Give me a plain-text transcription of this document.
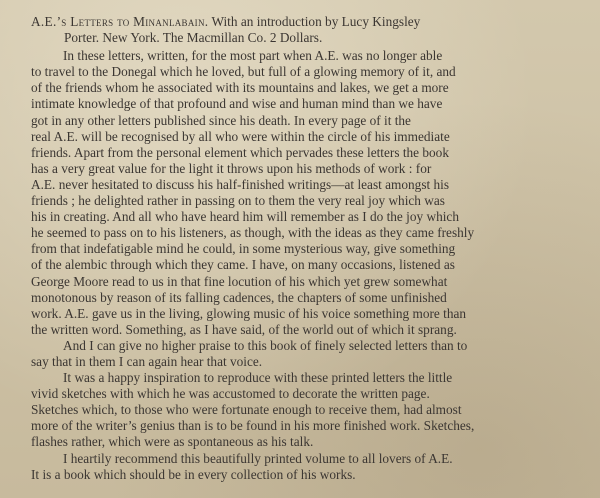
A.E.’s Letters to Minanlabain. With an introduction by Lucy Kingsley
Porter. New York. The Macmillan Co. 2 Dollars.
In these letters, written, for the most part when A.E. was no longer able
to travel to the Donegal which he loved, but full of a glowing memory of it, and
of the friends whom he associated with its mountains and lakes, we get a more
intimate knowledge of that profound and wise and human mind than we have
got in any other letters published since his death. In every page of it the
real A.E. will be recognised by all who were within the circle of his immediate
friends. Apart from the personal element which pervades these letters the book
has a very great value for the light it throws upon his methods of work : for
A.E. never hesitated to discuss his half-finished writings—at least amongst his
friends ; he delighted rather in passing on to them the very real joy which was
his in creating. And all who have heard him will remember as I do the joy which
he seemed to pass on to his listeners, as though, with the ideas as they came freshly
from that indefatigable mind he could, in some mysterious way, give something
of the alembic through which they came. I have, on many occasions, listened as
George Moore read to us in that fine locution of his which yet grew somewhat
monotonous by reason of its falling cadences, the chapters of some unfinished
work. A.E. gave us in the living, glowing music of his voice something more than
the written word. Something, as I have said, of the world out of which it sprang.
And I can give no higher praise to this book of finely selected letters than to
say that in them I can again hear that voice.
It was a happy inspiration to reproduce with these printed letters the little
vivid sketches with which he was accustomed to decorate the written page.
Sketches which, to those who were fortunate enough to receive them, had almost
more of the writer’s genius than is to be found in his more finished work. Sketches,
flashes rather, which were as spontaneous as his talk.
I heartily recommend this beautifully printed volume to all lovers of A.E.
It is a book which should be in every collection of his works.
